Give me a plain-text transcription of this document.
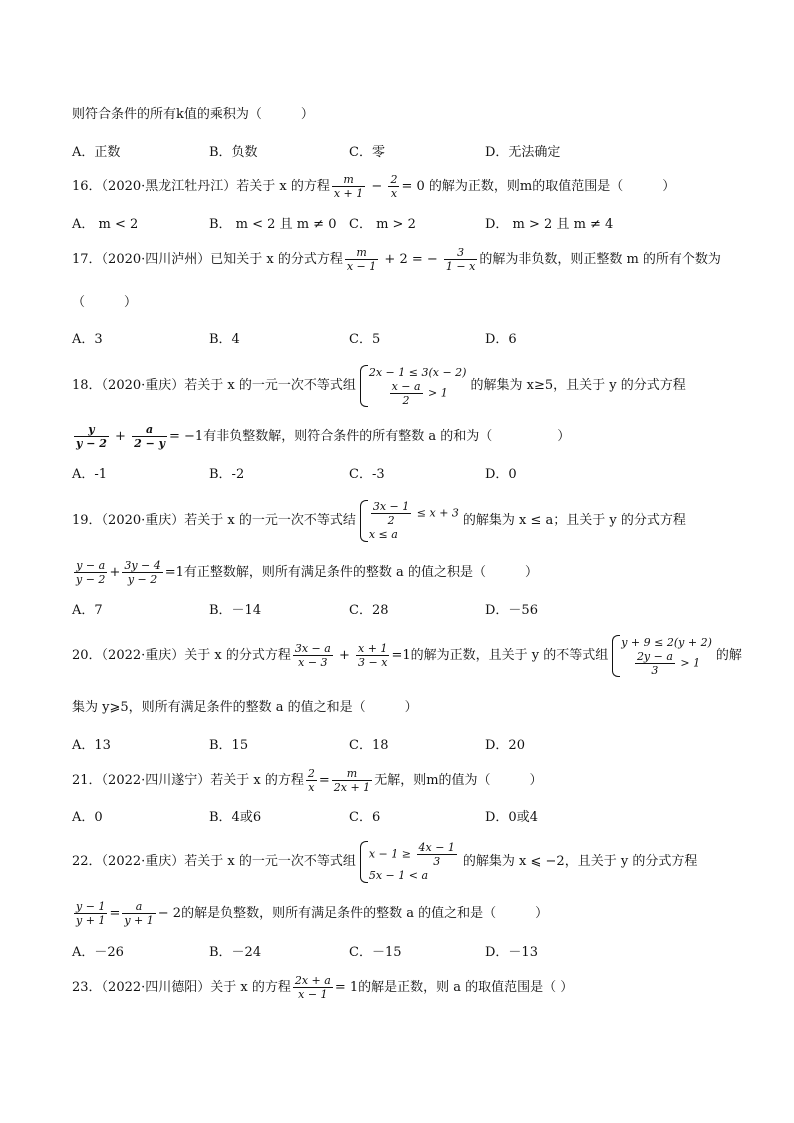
则符合条件的所有k值的乘积为（　　　）
A．正数	B．负数	C．零	D．无法确定
16．（2020·黑龙江牡丹江）若关于 x 的方程 $\frac{m}{x + 1} - \frac{2}{x} = 0$ 的解为正数，则m的取值范围是（　　　）
A． m < 2	B． m < 2 且 m ≠ 0 C． m > 2	D． m > 2 且 m ≠ 4
17．（2020·四川泸州）已知关于 x 的分式方程 $\frac{m}{x - 1} + 2$ = − $\frac{3}{1 - x}$ 的解为非负数，则正整数 m 的所有个数为
（　　　）
A．3	B．4	C．5	D．6
18．（2020·重庆）若关于 x 的一元一次不等式组
2x − 1 ≤ 3(x − 2)
$\frac{x - a}{2} > 1$	的解集为 x≥5，且关于 y 的分式方程
$\frac{y}{y - 2} + \frac{a}{2 - y} = -1$有非负整数解，则符合条件的所有整数 a 的和为（　　　　　）
A．-1	B．-2	C．-3	D．0
19．（2020·重庆）若关于 x 的一元一次不等式结 $\frac{3x - 1}{2} \le x + 3$
x ≤ a
的解集为 x ≤ a；且关于 y 的分式方程
$\frac{y - a}{y - 2} + \frac{3y - 4}{y - 2} =1$有正整数解，则所有满足条件的整数 a 的值之积是（　　　）
A．7	B．－14	C．28	D．－56
20．（2022·重庆）关于 x 的分式方程 $\frac{3x - a}{x - 3} + \frac{x + 1}{3 - x} =1$的解为正数，且关于 y 的不等式组
y + 9 ≤ 2(y + 2)
$\frac{2y - a}{3} > 1$	的解
集为 y⩾5，则所有满足条件的整数 a 的值之和是（　　　）
A．13	B．15	C．18	D．20
21．（2022·四川遂宁）若关于 x 的方程 $\frac{2}{x} = \frac{m}{2x + 1}$ 无解，则m的值为（　　　）
A．0	B．4或6	C．6	D．0或4
22．（2022·重庆）若关于 x 的一元一次不等式组
$x - 1 \ge \frac{4x - 1}{3}$
5x − 1 < a
的解集为 x ⩽ −2，且关于 y 的分式方程
$\frac{y - 1}{y + 1} = \frac{a}{y + 1} - 2$的解是负整数，则所有满足条件的整数 a 的值之和是（　　　）
A．－26	B．－24	C．－15	D．－13
23．（2022·四川德阳）关于 x 的方程 $\frac{2x + a}{x - 1} = 1$的解是正数，则 a 的取值范围是（ ）
